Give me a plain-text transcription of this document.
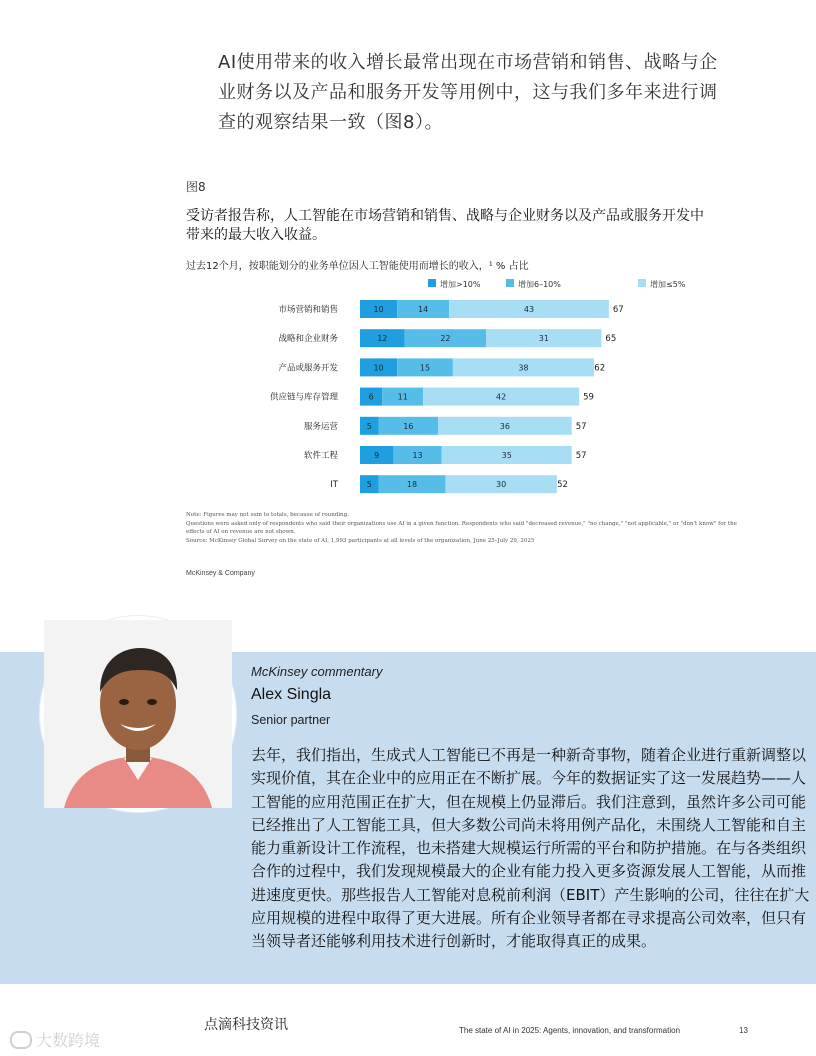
AI使用带来的收入增长最常出现在市场营销和销售、战略与企业财务以及产品和服务开发等用例中，这与我们多年来进行调查的观察结果一致（图8）。
图8
受访者报告称，人工智能在市场营销和销售、战略与企业财务以及产品或服务开发中带来的最大收入收益。
过去12个月，按职能划分的业务单位因人工智能使用而增长的收入，¹ % 占比
增加>10%	增加6–10%	增加≤5%
市场营销和销售	10	14	43	67
战略和企业财务	12	22	31	65
产品或服务开发	10	15	38	62
供应链与库存管理	6	11	42	59
服务运营	5	16	36	57
软件工程	9	13	35	57
IT	5	18	30	52
Note: Figures may not sum to totals, because of rounding.
Questions were asked only of respondents who said their organizations use AI in a given function. Respondents who said "decreased revenue," "no change," "not applicable," or "don't know" for the effects of AI on revenue are not shown.
Source: McKinsey Global Survey on the state of AI, 1,993 participants at all levels of the organization, June 25–July 29, 2025
McKinsey & Company
McKinsey commentary
Alex Singla
Senior partner
去年，我们指出，生成式人工智能已不再是一种新奇事物，随着企业进行重新调整以实现价值，其在企业中的应用正在不断扩展。今年的数据证实了这一发展趋势——人工智能的应用范围正在扩大，但在规模上仍显滞后。我们注意到，虽然许多公司可能已经推出了人工智能工具，但大多数公司尚未将用例产品化，未围绕人工智能和自主能力重新设计工作流程，也未搭建大规模运行所需的平台和防护措施。在与各类组织合作的过程中，我们发现规模最大的企业有能力投入更多资源发展人工智能，从而推进速度更快。那些报告人工智能对息税前利润（EBIT）产生影响的公司，往往在扩大应用规模的进程中取得了更大进展。所有企业领导者都在寻求提高公司效率，但只有当领导者还能够利用技术进行创新时，才能取得真正的成果。
点滴科技资讯	The state of AI in 2025: Agents, innovation, and transformation	13
大数跨境
